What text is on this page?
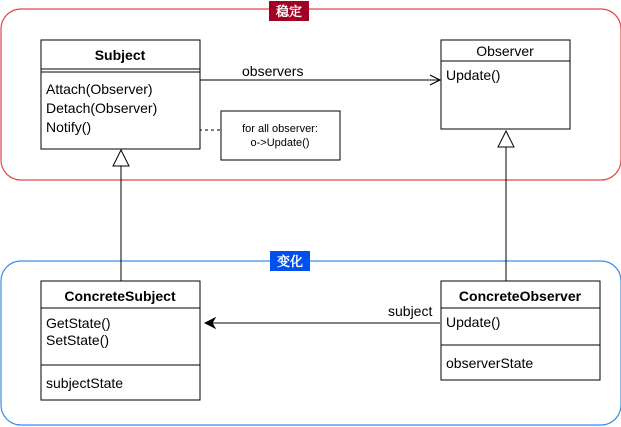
稳定
变化
observers
subject
for all observer:
o->Update()
Subject
Attach(Observer)
Detach(Observer)
Notify()
Observer
Update()
ConcreteSubject
GetState()
SetState()
subjectState
ConcreteObserver
Update()
observerState
